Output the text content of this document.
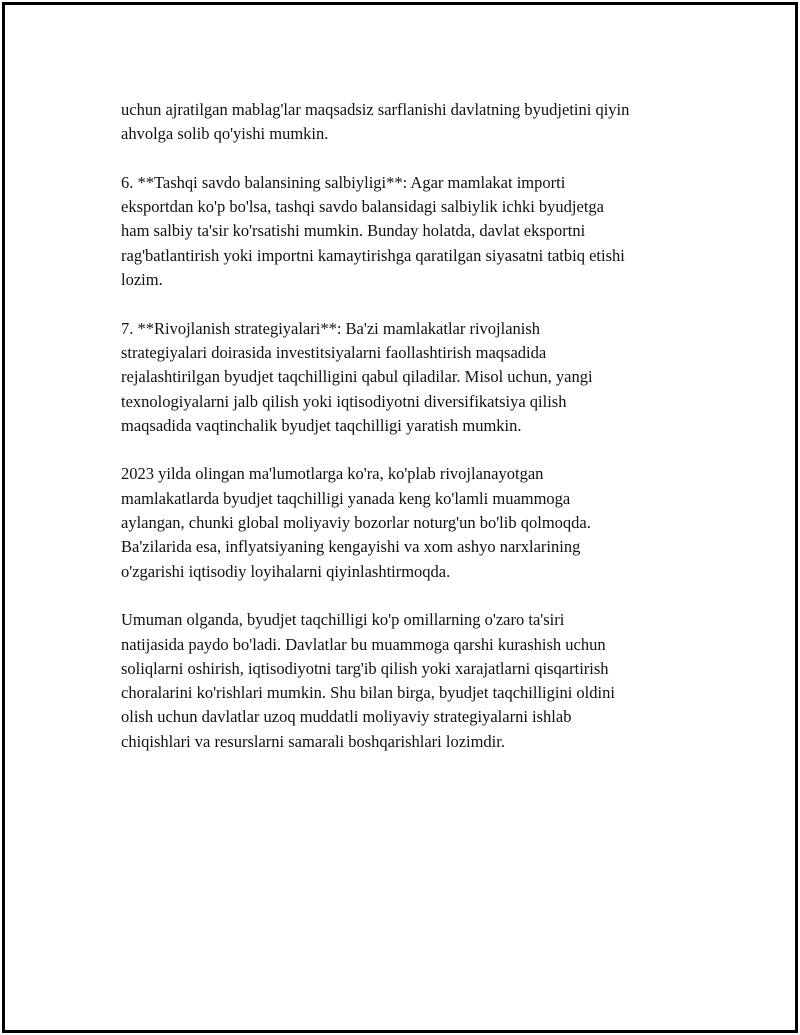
uchun ajratilgan mablag'lar maqsadsiz sarflanishi davlatning byudjetini qiyin
ahvolga solib qo'yishi mumkin.

6. **Tashqi savdo balansining salbiyligi**: Agar mamlakat importi
eksportdan ko'p bo'lsa, tashqi savdo balansidagi salbiylik ichki byudjetga
ham salbiy ta'sir ko'rsatishi mumkin. Bunday holatda, davlat eksportni
rag'batlantirish yoki importni kamaytirishga qaratilgan siyasatni tatbiq etishi
lozim.

7. **Rivojlanish strategiyalari**: Ba'zi mamlakatlar rivojlanish
strategiyalari doirasida investitsiyalarni faollashtirish maqsadida
rejalashtirilgan byudjet taqchilligini qabul qiladilar. Misol uchun, yangi
texnologiyalarni jalb qilish yoki iqtisodiyotni diversifikatsiya qilish
maqsadida vaqtinchalik byudjet taqchilligi yaratish mumkin.

2023 yilda olingan ma'lumotlarga ko'ra, ko'plab rivojlanayotgan
mamlakatlarda byudjet taqchilligi yanada keng ko'lamli muammoga
aylangan, chunki global moliyaviy bozorlar noturg'un bo'lib qolmoqda.
Ba'zilarida esa, inflyatsiyaning kengayishi va xom ashyo narxlarining
o'zgarishi iqtisodiy loyihalarni qiyinlashtirmoqda.

Umuman olganda, byudjet taqchilligi ko'p omillarning o'zaro ta'siri
natijasida paydo bo'ladi. Davlatlar bu muammoga qarshi kurashish uchun
soliqlarni oshirish, iqtisodiyotni targ'ib qilish yoki xarajatlarni qisqartirish
choralarini ko'rishlari mumkin. Shu bilan birga, byudjet taqchilligini oldini
olish uchun davlatlar uzoq muddatli moliyaviy strategiyalarni ishlab
chiqishlari va resurslarni samarali boshqarishlari lozimdir.
